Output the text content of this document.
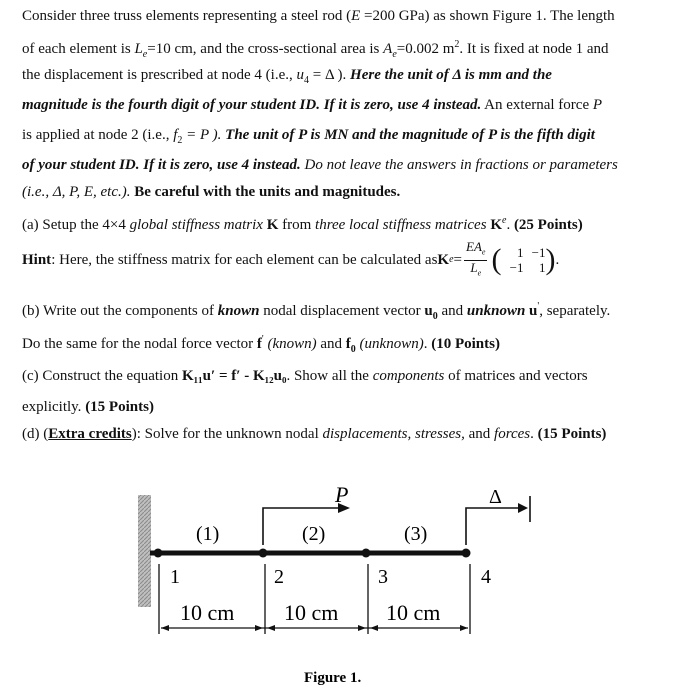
Consider three truss elements representing a steel rod (E =200 GPa) as shown Figure 1. The length
of each element is $L_e=10$ cm, and the cross-sectional area is $A_e=0.002$ $m^2$. It is fixed at node 1 and
the displacement is prescribed at node 4 (i.e., $u_4 = \Delta$ ). Here the unit of Δ is mm and the
magnitude is the fourth digit of your student ID. If it is zero, use 4 instead. An external force P
is applied at node 2 (i.e., $f_2 = P$ ). The unit of P is MN and the magnitude of P is the fifth digit
of your student ID. If it is zero, use 4 instead. Do not leave the answers in fractions or parameters
(i.e., Δ, P, E, etc.). Be careful with the units and magnitudes.
(a) Setup the 4×4 global stiffness matrix K from three local stiffness matrices $K^e$. (25 Points)
Hint : Here, the stiffness matrix for each element can be calculated as K $e = \frac{EA_e}{L_e}$ (	1 −1
−1	1 ) .
(b) Write out the components of known nodal displacement vector $u_0$ and unknown u', separately.
Do the same for the nodal force vector f' (known) and $f_0$ (unknown). (10 Points)
(c) Construct the equation K₁₁u′ = f′ - K₁₂u₀. Show all the components of matrices and vectors
explicitly. (15 Points)
(d) (Extra credits): Solve for the unknown nodal displacements, stresses, and forces. (15 Points)
P	Δ
(1)	(2)	(3)
1	2	3	4
10 cm 10 cm 10 cm
Figure 1.
